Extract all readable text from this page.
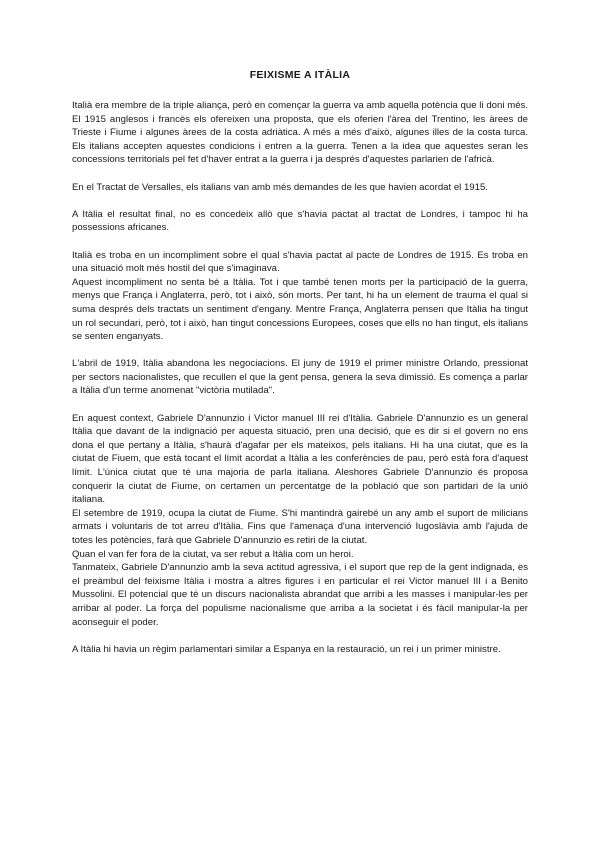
FEIXISME A ITÀLIA

Italià era membre de la triple aliança, però en començar la guerra va amb aquella potència que li doni més. El 1915 anglesos i francès els ofereixen una proposta, que els oferien l'àrea del Trentino, les àrees de Trieste i Fiume i algunes àrees de la costa adriàtica. A més a més d'això, algunes illes de la costa turca. Els italians accepten aquestes condicions i entren a la guerra. Tenen a la idea que aquestes seran les concessions territorials pel fet d'haver entrat a la guerra i ja després d'aquestes parlarien de l'africà.

En el Tractat de Versalles, els italians van amb més demandes de les que havien acordat el 1915.

A Itàlia el resultat final, no es concedeix allò que s'havia pactat al tractat de Londres, i tampoc hi ha possessions africanes.

Italià es troba en un incompliment sobre el qual s'havia pactat al pacte de Londres de 1915. Es troba en una situació molt més hostil del que s'imaginava.

Aquest incompliment no senta bé a Itàlia. Tot i que també tenen morts per la participació de la guerra, menys que França i Anglaterra, però, tot i això, són morts. Per tant, hi ha un element de trauma el qual si suma després dels tractats un sentiment d'engany. Mentre França, Anglaterra pensen que Itàlia ha tingut un rol secundari, però, tot i això, han tingut concessions Europees, coses que ells no han tingut, els italians se senten enganyats.

L'abril de 1919, Itàlia abandona les negociacions. El juny de 1919 el primer ministre Orlando, pressionat per sectors nacionalistes, que recullen el que la gent pensa, genera la seva dimissió. Es comença a parlar a Itàlia d'un terme anomenat "victòria mutilada".

En aquest context, Gabriele D'annunzio i Victor manuel III rei d'Itàlia. Gabriele D'annunzio es un general Itàlia que davant de la indignació per aquesta situació, pren una decisió, que es dir si el govern no ens dona el que pertany a Itàlia, s'haurà d'agafar per els mateixos, pels italians. Hi ha una ciutat, que es la ciutat de Fiuem, que està tocant el límit acordat a Itàlia a les conferències de pau, però està fora d'aquest límit. L'única ciutat que té una majoria de parla italiana. Aleshores Gabriele D'annunzio és proposa conquerir la ciutat de Fiume, on certamen un percentatge de la població que son partidari de la unió italiana.

El setembre de 1919, ocupa la ciutat de Fiume. S'hi mantindrà gairebé un any amb el suport de milicians armats i voluntaris de tot arreu d'Itàlia. Fins que l'amenaça d'una intervenció Iugoslàvia amb l'ajuda de totes les potències, farà que Gabriele D'annunzio es retiri de la ciutat.

Quan el van fer fora de la ciutat, va ser rebut a Itàlia com un heroi.

Tanmateix, Gabriele D'annunzio amb la seva actitud agressiva, i el suport que rep de la gent indignada, es el preàmbul del feixisme Itàlia i mostra a altres figures i en particular el rei Victor manuel III i a Benito Mussolini. El potencial que té un discurs nacionalista abrandat que arribi a les masses i manipular-les per arribar al poder. La força del populisme nacionalisme que arriba a la societat i és fàcil manipular-la per aconseguir el poder.

A Itàlia hi havia un règim parlamentari similar a Espanya en la restauració, un rei i un primer ministre.
